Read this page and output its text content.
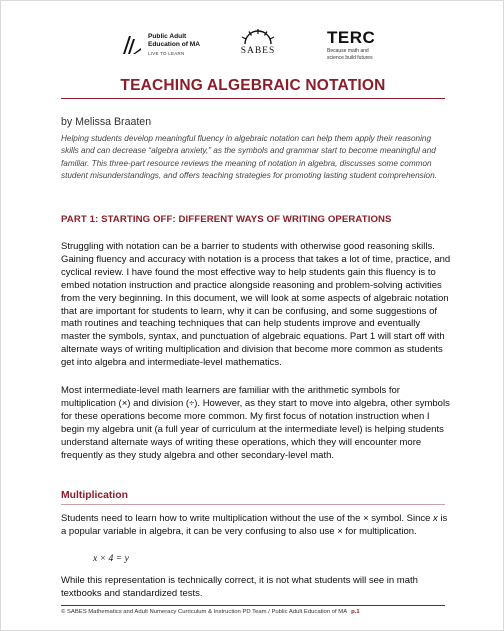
Public Adult
Education of MA
LIVE TO LEARN	SABES
TERC
Because math and
science build futures
TEACHING ALGEBRAIC NOTATION
by Melissa Braaten

Helping students develop meaningful fluency in algebraic notation can help them apply their reasoning skills and can decrease “algebra anxiety,” as the symbols and grammar start to become meaningful and familiar. This three-part resource reviews the meaning of notation in algebra, discusses some common student misunderstandings, and offers teaching strategies for promoting lasting student comprehension.

PART 1: STARTING OFF: DIFFERENT WAYS OF WRITING OPERATIONS

Struggling with notation can be a barrier to students with otherwise good reasoning skills. Gaining fluency and accuracy with notation is a process that takes a lot of time, practice, and cyclical review. I have found the most effective way to help students gain this fluency is to embed notation instruction and practice alongside reasoning and problem-solving activities from the very beginning. In this document, we will look at some aspects of algebraic notation that are important for students to learn, why it can be confusing, and some suggestions of math routines and teaching techniques that can help students improve and eventually master the symbols, syntax, and punctuation of algebraic equations. Part 1 will start off with alternate ways of writing multiplication and division that become more common as students get into algebra and intermediate-level mathematics.

Most intermediate-level math learners are familiar with the arithmetic symbols for multiplication (×) and division (÷). However, as they start to move into algebra, other symbols for these operations become more common. My first focus of notation instruction when I begin my algebra unit (a full year of curriculum at the intermediate level) is helping students understand alternate ways of writing these operations, which they will encounter more frequently as they study algebra and other secondary-level math.

Multiplication

Students need to learn how to write multiplication without the use of the × symbol. Since x is a popular variable in algebra, it can be very confusing to also use × for multiplication.

x × 4 = y

While this representation is technically correct, it is not what students will see in math textbooks and standardized tests.

© SABES Mathematics and Adult Numeracy Curriculum & Instruction PD Team / Public Adult Education of MA p.1
